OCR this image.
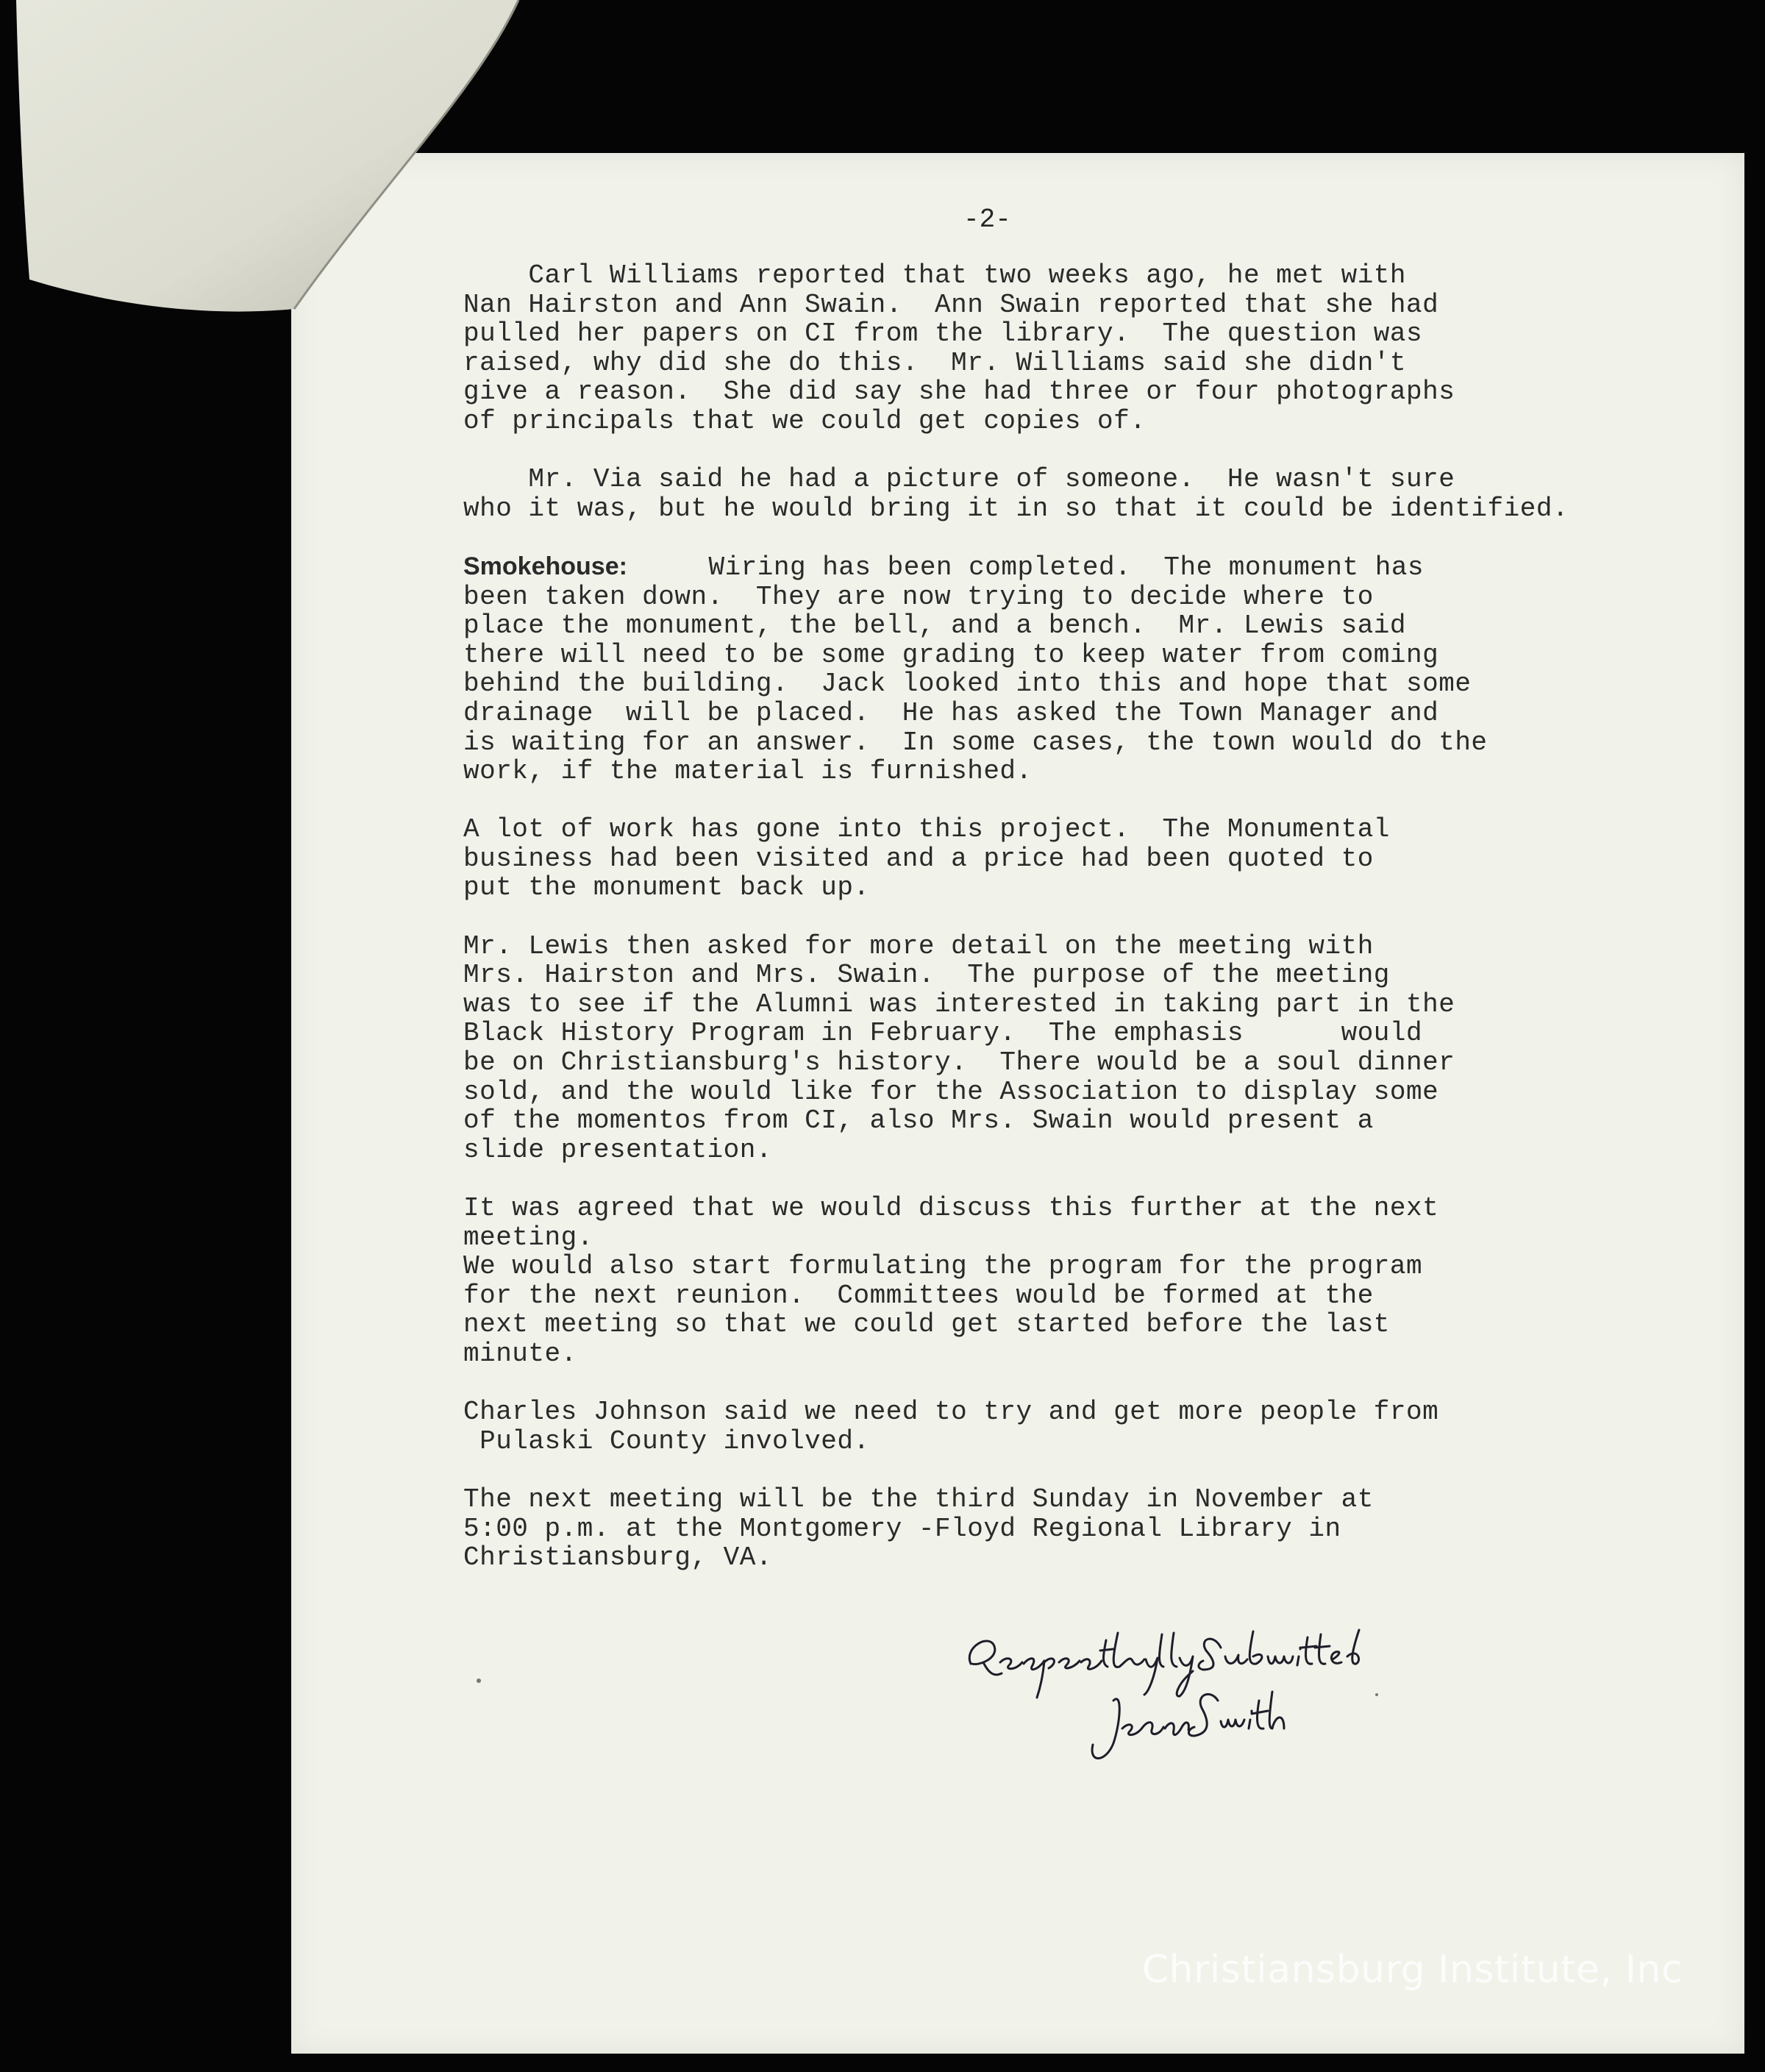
-2-
Carl Williams reported that two weeks ago, he met with
Nan Hairston and Ann Swain.  Ann Swain reported that she had
pulled her papers on CI from the library.  The question was
raised, why did she do this.  Mr. Williams said she didn't
give a reason.  She did say she had three or four photographs
of principals that we could get copies of.
Mr. Via said he had a picture of someone.  He wasn't sure
who it was, but he would bring it in so that it could be identified.
Smokehouse:     Wiring has been completed.  The monument has
been taken down.  They are now trying to decide where to
place the monument, the bell, and a bench.  Mr. Lewis said
there will need to be some grading to keep water from coming
behind the building.  Jack looked into this and hope that some
drainage  will be placed.  He has asked the Town Manager and
is waiting for an answer.  In some cases, the town would do the
work, if the material is furnished.
A lot of work has gone into this project.  The Monumental
business had been visited and a price had been quoted to
put the monument back up.
Mr. Lewis then asked for more detail on the meeting with
Mrs. Hairston and Mrs. Swain.  The purpose of the meeting
was to see if the Alumni was interested in taking part in the
Black History Program in February.  The emphasis      would
be on Christiansburg's history.  There would be a soul dinner
sold, and the would like for the Association to display some
of the momentos from CI, also Mrs. Swain would present a
slide presentation.
It was agreed that we would discuss this further at the next
meeting.
We would also start formulating the program for the program
for the next reunion.  Committees would be formed at the
next meeting so that we could get started before the last
minute.
Charles Johnson said we need to try and get more people from
Pulaski County involved.
The next meeting will be the third Sunday in November at
5:00 p.m. at the Montgomery -Floyd Regional Library in
Christiansburg, VA.
Christiansburg Institute, Inc
